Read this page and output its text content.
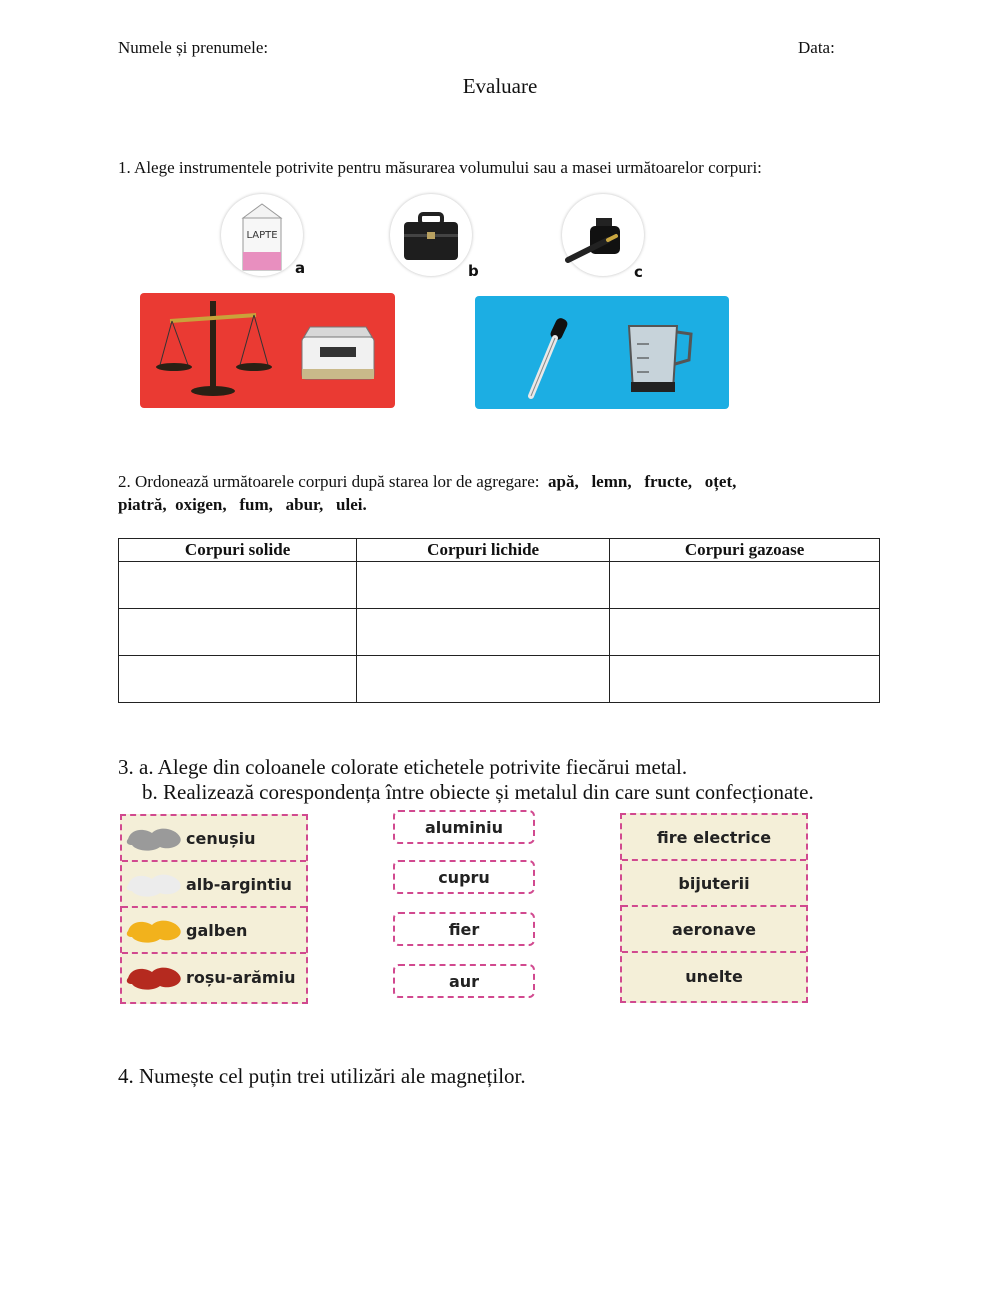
Numele și prenumele:	Data:
Evaluare
1. Alege instrumentele potrivite pentru măsurarea volumului sau a masei următoarelor corpuri:
LAPTE
a	b	c
2. Ordonează următoarele corpuri după starea lor de agregare: apă,   lemn,   fructe,   oțet,
piatră,  oxigen,   fum,   abur,   ulei.
Corpuri solide	Corpuri lichide	Corpuri gazoase

3. a. Alege din coloanele colorate etichetele potrivite fiecărui metal.
b. Realizează corespondența între obiecte și metalul din care sunt confecționate.
cenușiu
alb-argintiu
galben
roșu-arămiu
aluminiu
cupru
fier
aur
fire electrice
bijuterii
aeronave
unelte
4. Numește cel puțin trei utilizări ale magneților.
